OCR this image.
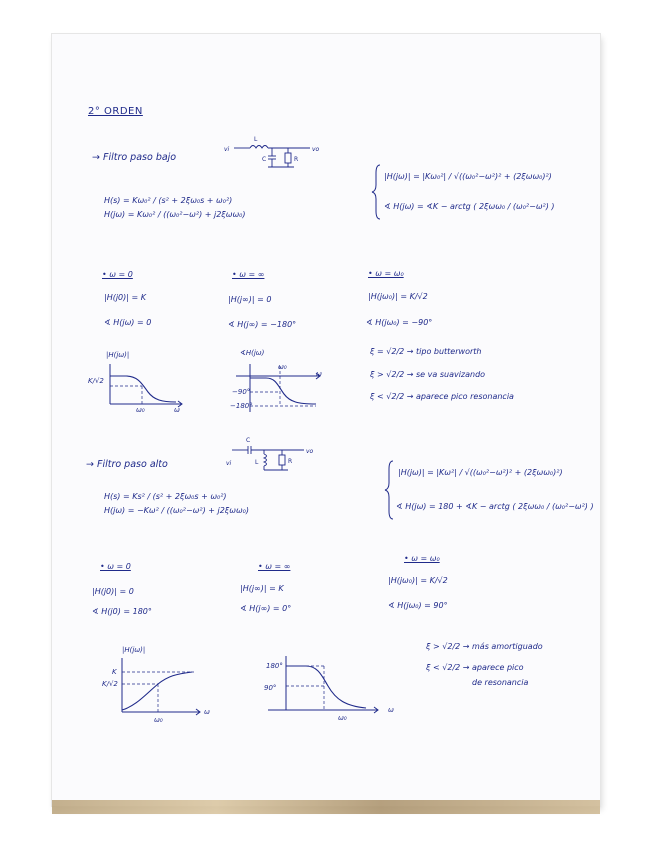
2° ORDEN
→ Filtro paso bajo
vi
L
vo
C	R
H(s) = Kω₀² / (s² + 2ξω₀s + ω₀²)
H(jω) = Kω₀² / ((ω₀²−ω²) + j2ξωω₀)
|H(jω)| = |Kω₀²| / √((ω₀²−ω²)² + (2ξωω₀)²)
∢ H(jω) = ∢K − arctg ( 2ξωω₀ / (ω₀²−ω²) )
• ω = 0
|H(j0)| = K
∢ H(jω) = 0
• ω = ∞
|H(j∞)| = 0
∢ H(j∞) = −180°
• ω = ω₀
|H(jω₀)| = K/√2
∢ H(jω₀) = −90°
|H(jω)|
K/√2
ω₀	ω
∢H(jω)
ω₀
ω
−90°
−180°
ξ = √2/2 → tipo butterworth
ξ > √2/2 → se va suavizando
ξ < √2/2 → aparece pico resonancia
→ Filtro paso alto	vi
C
vo
L	R
H(s) = Ks² / (s² + 2ξω₀s + ω₀²)
H(jω) = −Kω² / ((ω₀²−ω²) + j2ξωω₀)
|H(jω)| = |Kω²| / √((ω₀²−ω²)² + (2ξωω₀)²)
∢ H(jω) = 180 + ∢K − arctg ( 2ξωω₀ / (ω₀²−ω²) )
• ω = 0
|H(j0)| = 0
∢ H(j0) = 180°
• ω = ∞
|H(j∞)| = K
∢ H(j∞) = 0°
• ω = ω₀
|H(jω₀)| = K/√2
∢ H(jω₀) = 90°
ξ > √2/2 → más amortiguado
ξ < √2/2 → aparece pico
de resonancia
|H(jω)|
K
K/√2
ω₀
ω
180°
90°
ω₀
ω
